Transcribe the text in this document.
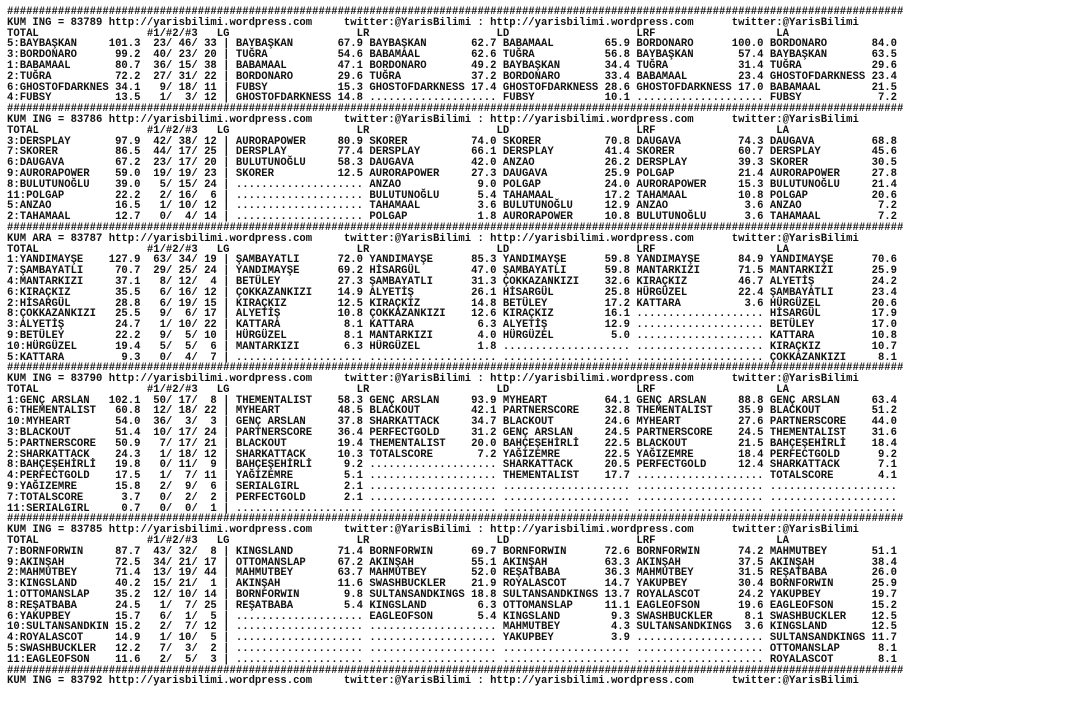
#############################################################################################################################################
KUM ING = 83789 http://yarisbilimi.wordpress.com     twitter:@YarisBilimi : http://yarisbilimi.wordpress.com      twitter:@YarisBilimi
TOTAL                 #1/#2/#3   LG                    LR                    LD                    LRF                   LA
5:BAYBAŞKAN     101.3  23/ 46/ 33 | BAYBAŞKAN       67.9 BAYBAŞKAN       62.7 BABAMAAL        65.9 BORDONARO      100.0 BORDONARO       84.0
3:BORDONARO      99.2  40/ 23/ 20 | TUĞRA           54.6 BABAMAAL        62.6 TUĞRA           56.8 BAYBAŞKAN       57.4 BAYBAŞKAN       63.5
1:BABAMAAL       80.7  36/ 15/ 38 | BABAMAAL        47.1 BORDONARO       49.2 BAYBAŞKAN       34.4 TUĞRA           31.4 TUĞRA           29.6
2:TUĞRA          72.2  27/ 31/ 22 | BORDONARO       29.6 TUĞRA           37.2 BORDONARO       33.4 BABAMAAL        23.4 GHOSTOFDARKNESS 23.4
6:GHOSTOFDARKNES 34.1   9/ 18/ 11 | FUBSY           15.3 GHOSTOFDARKNESS 17.4 GHOSTOFDARKNESS 28.6 GHOSTOFDARKNESS 17.0 BABAMAAL        21.5
4:FUBSY          13.5   1/  3/ 12 | GHOSTOFDARKNESS 14.8 .................... FUBSY           10.1 .................... FUBSY            7.2
#############################################################################################################################################
KUM ING = 83786 http://yarisbilimi.wordpress.com     twitter:@YarisBilimi : http://yarisbilimi.wordpress.com      twitter:@YarisBilimi
TOTAL                 #1/#2/#3   LG                    LR                    LD                    LRF                   LA
3:DERSPLAY       97.9  42/ 38/ 12 | AURORAPOWER     80.9 SKORER          74.0 SKORER          70.8 DAUGAVA         74.3 DAUGAVA         68.8
7:SKORER         86.5  44/ 17/ 25 | DERSPLAY        77.4 DERSPLAY        66.1 DERSPLAY        41.4 SKORER          60.7 DERSPLAY        45.6
6:DAUGAVA        67.2  23/ 17/ 20 | BULUTUNOĞLU     58.3 DAUGAVA         42.0 ANZAO           26.2 DERSPLAY        39.3 SKORER          30.5
9:AURORAPOWER    59.0  19/ 19/ 23 | SKORER          12.5 AURORAPOWER     27.3 DAUGAVA         25.9 POLGAP          21.4 AURORAPOWER     27.8
8:BULUTUNOĞLU    39.0   5/ 15/ 24 | .................... ANZAO            9.0 POLGAP          24.0 AURORAPOWER     15.3 BULUTUNOĞLU     21.4
11:POLGAP        22.2   2/ 16/  6 | .................... BULUTUNOĞLU      5.4 TAHAMAAL        17.2 TAHAMAAL        10.8 POLGAP          20.6
5:ANZAO          16.5   1/ 10/ 12 | .................... TAHAMAAL         3.6 BULUTUNOĞLU     12.9 ANZAO            3.6 ANZAO            7.2
2:TAHAMAAL       12.7   0/  4/ 14 | .................... POLGAP           1.8 AURORAPOWER     10.8 BULUTUNOĞLU      3.6 TAHAMAAL         7.2
#############################################################################################################################################
KUM ARA = 83787 http://yarisbilimi.wordpress.com     twitter:@YarisBilimi : http://yarisbilimi.wordpress.com      twitter:@YarisBilimi
TOTAL                 #1/#2/#3   LG                    LR                    LD                    LRF                   LA
1:YANDIMAYŞE    127.9  63/ 34/ 19 | ŞAMBAYATLI      72.0 YANDIMAYŞE      85.3 YANDIMAYŞE      59.8 YANDIMAYŞE      84.9 YANDIMAYŞE      70.6
7:ŞAMBAYATLI     70.7  29/ 25/ 24 | YANDIMAYŞE      69.2 HİSARGÜL        47.0 ŞAMBAYATLI      59.8 MANTARKIZI      71.5 MANTARKIZI      25.9
4:MANTARKIZI     37.1   8/ 12/  4 | BETÜLEY         27.3 ŞAMBAYATLI      31.3 ÇOKKAZANKIZI    32.6 KIRAÇKIZ        46.7 ALYETİŞ         24.2
6:KIRAÇKIZ       35.5   6/ 16/ 12 | ÇOKKAZANKIZI    14.9 ALYETİŞ         26.1 HİSARGÜL        25.8 HÜRGÜZEL        22.4 ŞAMBAYATLI      23.4
2:HİSARGÜL       28.8   6/ 19/ 15 | KIRAÇKIZ        12.5 KIRAÇKIZ        14.8 BETÜLEY         17.2 KATTARA          3.6 HÜRGÜZEL        20.6
8:ÇOKKAZANKIZI   25.5   9/  6/ 17 | ALYETİŞ         10.8 ÇOKKAZANKIZI    12.6 KIRAÇKIZ        16.1 .................... HİSARGÜL        17.9
3:ALYETİŞ        24.7   1/ 10/ 22 | KATTARA          8.1 KATTARA          6.3 ALYETİŞ         12.9 .................... BETÜLEY         17.0
9:BETÜLEY        22.2   9/  5/ 10 | HÜRGÜZEL         8.1 MANTARKIZI       4.0 HÜRGÜZEL         5.0 .................... KATTARA         10.8
10:HÜRGÜZEL      19.4   5/  5/  6 | MANTARKIZI       6.3 HÜRGÜZEL         1.8 .................... .................... KIRAÇKIZ        10.7
5:KATTARA         9.3   0/  4/  7 | .................... .................... .................... .................... ÇOKKAZANKIZI     8.1
#############################################################################################################################################
KUM ING = 83790 http://yarisbilimi.wordpress.com     twitter:@YarisBilimi : http://yarisbilimi.wordpress.com      twitter:@YarisBilimi
TOTAL                 #1/#2/#3   LG                    LR                    LD                    LRF                   LA
1:GENÇ ARSLAN   102.1  50/ 17/  8 | THEMENTALIST    58.3 GENÇ ARSLAN     93.9 MYHEART         64.1 GENÇ ARSLAN     88.8 GENÇ ARSLAN     63.4
6:THEMENTALIST   60.8  12/ 18/ 22 | MYHEART         48.5 BLACKOUT        42.1 PARTNERSCORE    32.8 THEMENTALIST    35.9 BLACKOUT        51.2
10:MYHEART       54.0  36/  3/  3 | GENÇ ARSLAN     37.8 SHARKATTACK     34.7 BLACKOUT        24.6 MYHEART         27.6 PARTNERSCORE    44.0
3:BLACKOUT       51.4  10/ 17/ 24 | PARTNERSCORE    36.4 PERFECTGOLD     31.2 GENÇ ARSLAN     24.5 PARTNERSCORE    24.5 THEMENTALIST    31.6
5:PARTNERSCORE   50.9   7/ 17/ 21 | BLACKOUT        19.4 THEMENTALIST    20.0 BAHÇEŞEHİRLİ    22.5 BLACKOUT        21.5 BAHÇEŞEHİRLİ    18.4
2:SHARKATTACK    24.3   1/ 18/ 12 | SHARKATTACK     10.3 TOTALSCORE       7.2 YAĞIZEMRE       22.5 YAĞIZEMRE       18.4 PERFECTGOLD      9.2
8:BAHÇEŞEHİRLİ   19.8   0/ 11/  9 | BAHÇEŞEHİRLİ     9.2 .................... SHARKATTACK     20.5 PERFECTGOLD     12.4 SHARKATTACK      7.1
4:PERFECTGOLD    17.5   1/  7/ 11 | YAĞIZEMRE        5.1 .................... THEMENTALIST    17.7 .................... TOTALSCORE       4.1
9:YAĞIZEMRE      15.8   2/  9/  6 | SERIALGIRL       2.1 .................... .................... .................... ....................
7:TOTALSCORE      3.7   0/  2/  2 | PERFECTGOLD      2.1 .................... .................... .................... ....................
11:SERIALGIRL     0.7   0/  0/  1 | .................... .................... .................... .................... ....................
#############################################################################################################################################
KUM ING = 83785 http://yarisbilimi.wordpress.com     twitter:@YarisBilimi : http://yarisbilimi.wordpress.com      twitter:@YarisBilimi
TOTAL                 #1/#2/#3   LG                    LR                    LD                    LRF                   LA
7:BORNFORWIN     87.7  43/ 32/  8 | KINGSLAND       71.4 BORNFORWIN      69.7 BORNFORWIN      72.6 BORNFORWIN      74.2 MAHMUTBEY       51.1
9:AKINŞAH        72.5  34/ 21/ 17 | OTTOMANSLAP     67.2 AKINŞAH         55.1 AKINŞAH         63.3 AKINŞAH         37.5 AKINŞAH         38.4
2:MAHMUTBEY      71.4  13/ 19/ 44 | MAHMUTBEY       63.7 MAHMUTBEY       52.0 REŞATBABA       36.3 MAHMUTBEY       31.5 REŞATBABA       26.0
3:KINGSLAND      40.2  15/ 21/  1 | AKINŞAH         11.6 SWASHBUCKLER    21.9 ROYALASCOT      14.7 YAKUPBEY        30.4 BORNFORWIN      25.9
1:OTTOMANSLAP    35.2  12/ 10/ 14 | BORNFORWIN       9.8 SULTANSANDKINGS 18.8 SULTANSANDKINGS 13.7 ROYALASCOT      24.2 YAKUPBEY        19.7
8:REŞATBABA      24.5   1/  7/ 25 | REŞATBABA        5.4 KINGSLAND        6.3 OTTOMANSLAP     11.1 EAGLEOFSON      19.6 EAGLEOFSON      15.2
6:YAKUPBEY       15.7   6/  1/  5 | .................... EAGLEOFSON       5.4 KINGSLAND        9.3 SWASHBUCKLER     8.1 SWASHBUCKLER    12.5
10:SULTANSANDKIN 15.2   2/  7/ 12 | .................... .................... MAHMUTBEY        4.3 SULTANSANDKINGS  3.6 KINGSLAND       12.5
4:ROYALASCOT     14.9   1/ 10/  5 | .................... .................... YAKUPBEY         3.9 .................... SULTANSANDKINGS 11.7
5:SWASHBUCKLER   12.2   7/  3/  2 | .................... .................... .................... .................... OTTOMANSLAP      8.1
11:EAGLEOFSON    11.6   2/  5/  3 | .................... .................... .................... .................... ROYALASCOT       8.1
#############################################################################################################################################
KUM ING = 83792 http://yarisbilimi.wordpress.com     twitter:@YarisBilimi : http://yarisbilimi.wordpress.com      twitter:@YarisBilimi
